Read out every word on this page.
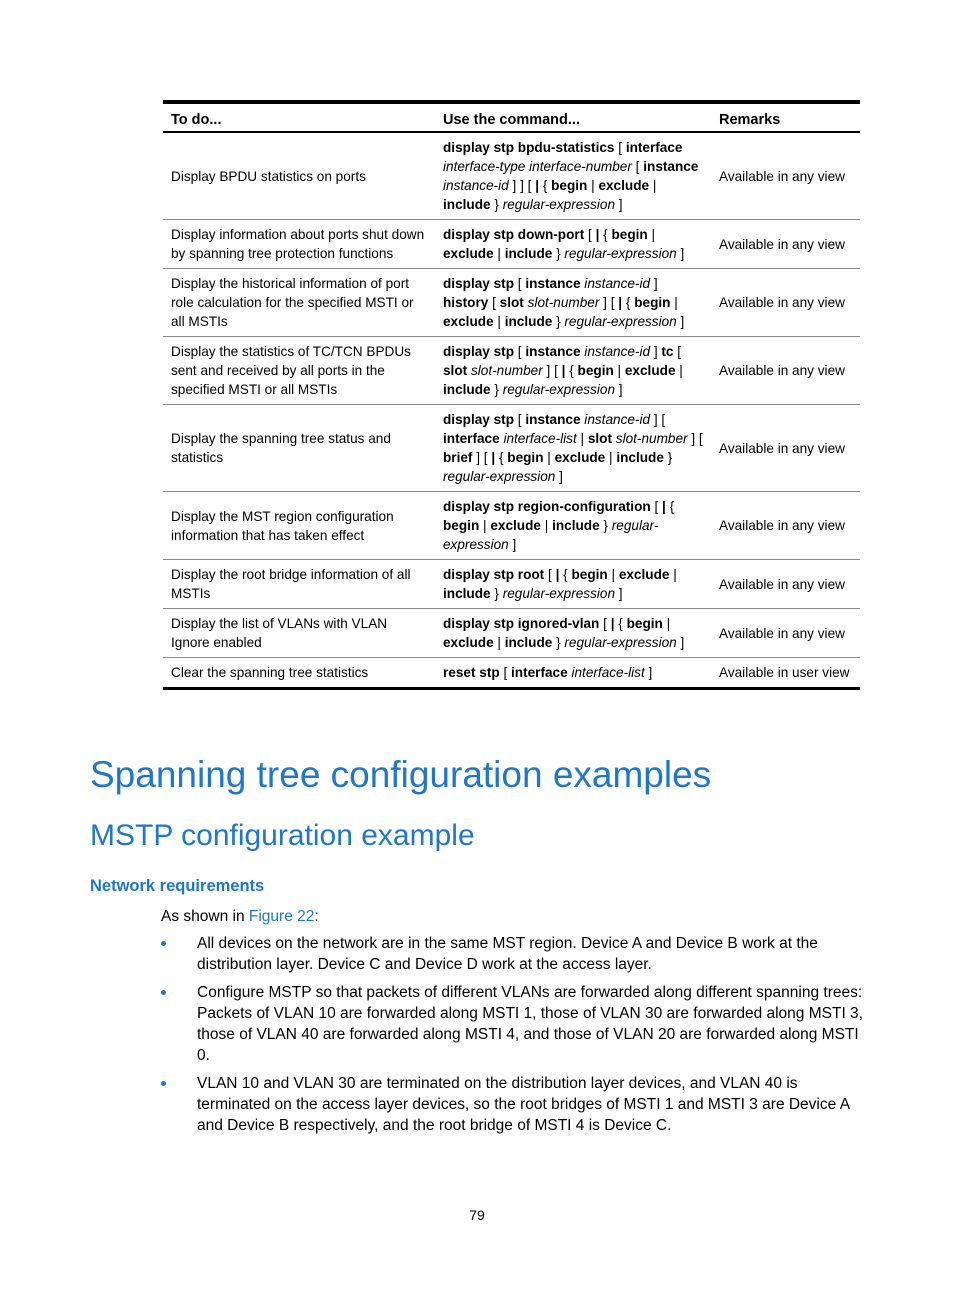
To do...	Use the command...	Remarks
Display BPDU statistics on ports	display stp bpdu-statistics [ interface interface-type interface-number [ instance instance-id ] ] [ | { begin | exclude | include } regular-expression ]	Available in any view
Display information about ports shut down by spanning tree protection functions	display stp down-port [ | { begin | exclude | include } regular-expression ]	Available in any view
Display the historical information of port role calculation for the specified MSTI or all MSTIs	display stp [ instance instance-id ] history [ slot slot-number ] [ | { begin | exclude | include } regular-expression ]	Available in any view
Display the statistics of TC/TCN BPDUs sent and received by all ports in the specified MSTI or all MSTIs	display stp [ instance instance-id ] tc [ slot slot-number ] [ | { begin | exclude | include } regular-expression ]	Available in any view
Display the spanning tree status and statistics	display stp [ instance instance-id ] [ interface interface-list | slot slot-number ] [ brief ] [ | { begin | exclude | include } regular-expression ]	Available in any view
Display the MST region configuration information that has taken effect	display stp region-configuration [ | { begin | exclude | include } regular-expression ]	Available in any view
Display the root bridge information of all MSTIs	display stp root [ | { begin | exclude | include } regular-expression ]	Available in any view
Display the list of VLANs with VLAN Ignore enabled	display stp ignored-vlan [ | { begin | exclude | include } regular-expression ]	Available in any view
Clear the spanning tree statistics	reset stp [ interface interface-list ]	Available in user view
Spanning tree configuration examples
MSTP configuration example
Network requirements

As shown in Figure 22:

All devices on the network are in the same MST region. Device A and Device B work at the distribution layer. Device C and Device D work at the access layer.
Configure MSTP so that packets of different VLANs are forwarded along different spanning trees: Packets of VLAN 10 are forwarded along MSTI 1, those of VLAN 30 are forwarded along MSTI 3, those of VLAN 40 are forwarded along MSTI 4, and those of VLAN 20 are forwarded along MSTI 0.
VLAN 10 and VLAN 30 are terminated on the distribution layer devices, and VLAN 40 is terminated on the access layer devices, so the root bridges of MSTI 1 and MSTI 3 are Device A and Device B respectively, and the root bridge of MSTI 4 is Device C.
79
